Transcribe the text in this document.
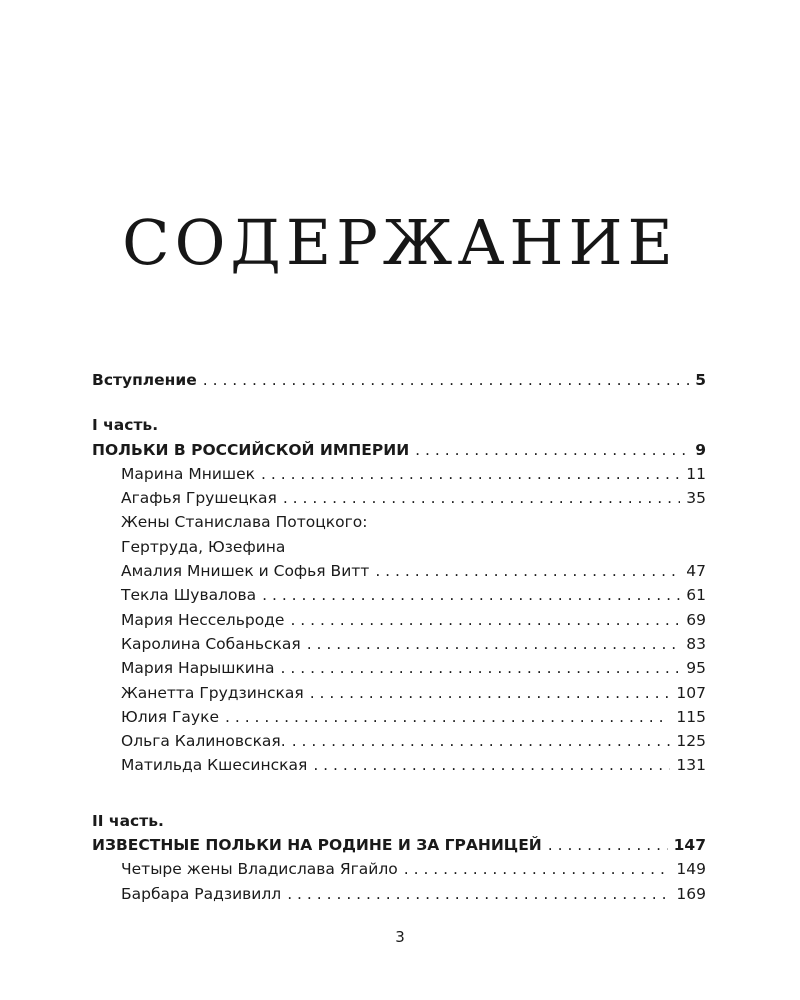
СОДЕРЖАНИЕ
Вступление . . .	5
I часть.
ПОЛЬКИ В РОССИЙСКОЙ ИМПЕРИИ . . .	9
Марина Мнишек . . .	11
Агафья Грушецкая . . .	35
Жены Станислава Потоцкого:
Гертруда, Юзефина
Амалия Мнишек и Софья Витт . . .	47
Текла Шувалова . . .	61
Мария Нессельроде . . .	69
Каролина Собаньская . . .	83
Мария Нарышкина . . .	95
Жанетта Грудзинская . . .	107
Юлия Гауке . . .	115
Ольга Калиновская. . . .	125
Матильда Кшесинская . . .	131
II часть.
ИЗВЕСТНЫЕ ПОЛЬКИ НА РОДИНЕ И ЗА ГРАНИЦЕЙ . . .	147
Четыре жены Владислава Ягайло . . .	149
Барбара Радзивилл . . .	169
3
